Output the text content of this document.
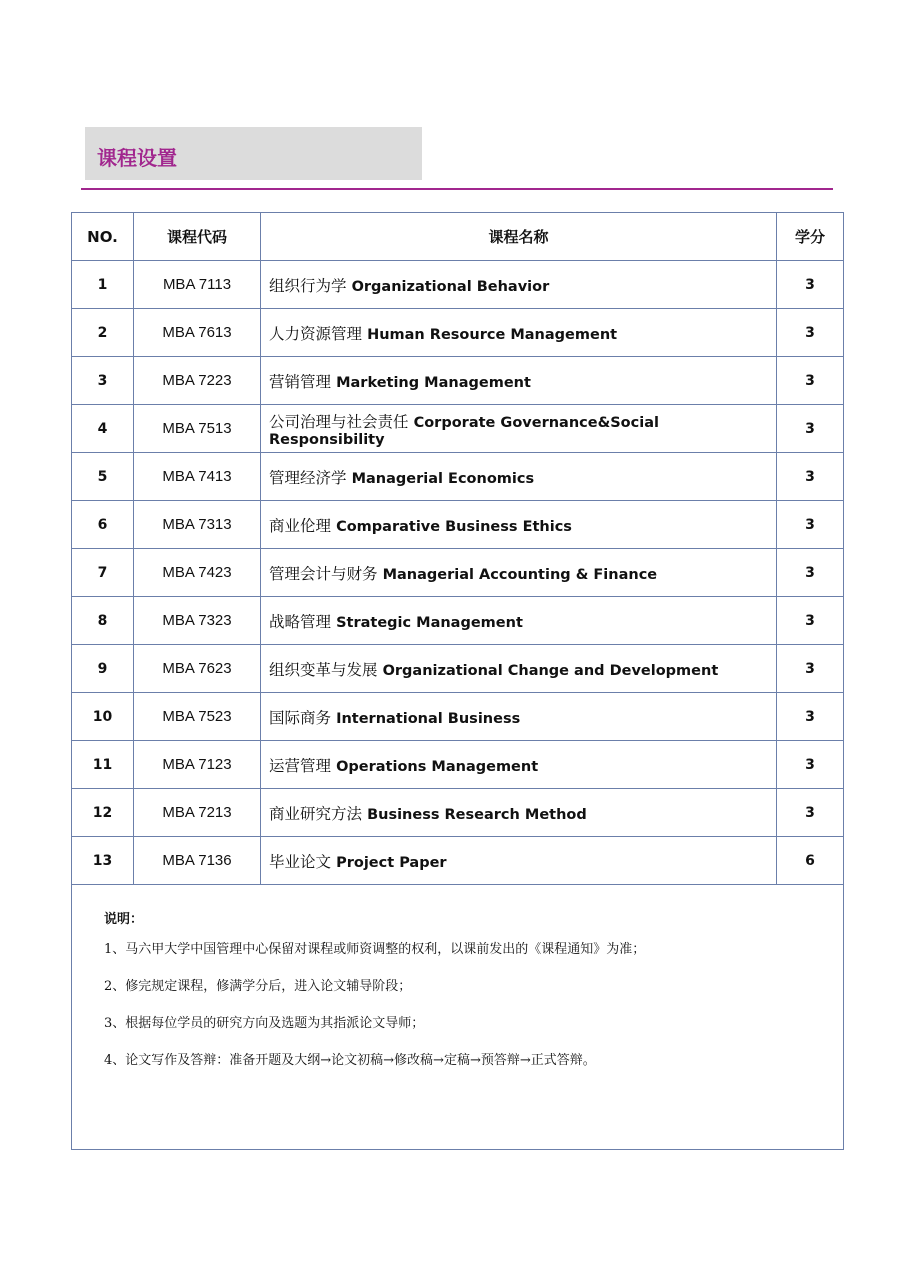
课程设置
NO.	课程代码	课程名称	学分
1	MBA 7113	组织行为学 Organizational Behavior	3
2	MBA 7613	人力资源管理 Human Resource Management	3
3	MBA 7223	营销管理 Marketing Management	3
4	MBA 7513	公司治理与社会责任 Corporate Governance&Social Responsibility	3
5	MBA 7413	管理经济学 Managerial Economics	3
6	MBA 7313	商业伦理 Comparative Business Ethics	3
7	MBA 7423	管理会计与财务 Managerial Accounting & Finance	3
8	MBA 7323	战略管理 Strategic Management	3
9	MBA 7623	组织变革与发展 Organizational Change and Development	3
10	MBA 7523	国际商务 International Business	3
11	MBA 7123	运营管理 Operations Management	3
12	MBA 7213	商业研究方法 Business Research Method	3
13	MBA 7136	毕业论文 Project Paper	6

说明：
1、马六甲大学中国管理中心保留对课程或师资调整的权利，以课前发出的《课程通知》为准；
2、修完规定课程，修满学分后，进入论文辅导阶段；
3、根据每位学员的研究方向及选题为其指派论文导师；
4、论文写作及答辩：准备开题及大纲→论文初稿→修改稿→定稿→预答辩→正式答辩。			
